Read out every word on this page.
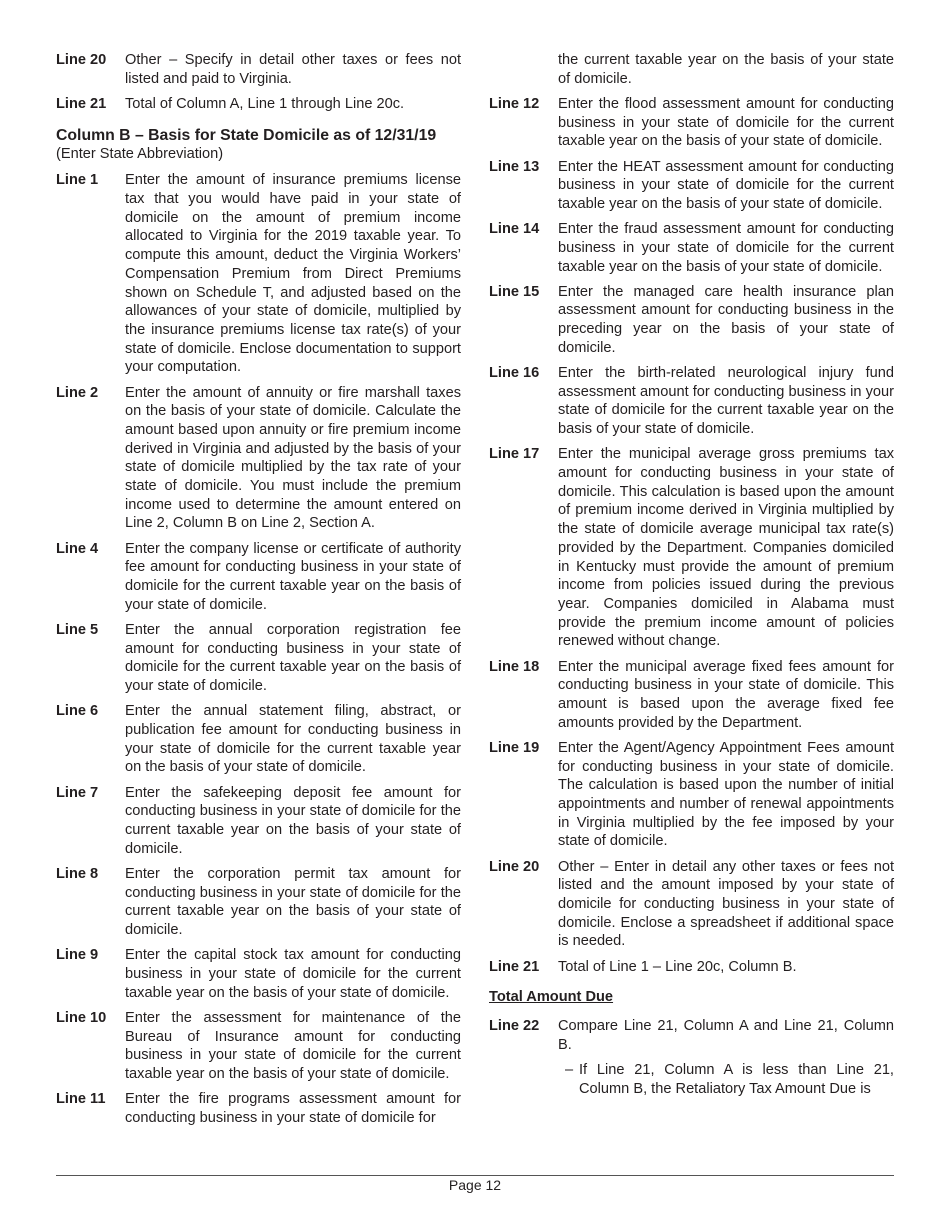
Line 20	Other – Specify in detail other taxes or fees not listed and paid to Virginia.
Line 21	Total of Column A, Line 1 through Line 20c.
Column B – Basis for State Domicile as of 12/31/19
(Enter State Abbreviation)
Line 1	Enter the amount of insurance premiums license tax that you would have paid in your state of domicile on the amount of premium income allocated to Virginia for the 2019 taxable year. To compute this amount, deduct the Virginia Workers’ Compensation Premium from Direct Premiums shown on Schedule T, and adjusted based on the allowances of your state of domicile, multiplied by the insurance premiums license tax rate(s) of your state of domicile. Enclose documentation to support your computation.
Line 2	Enter the amount of annuity or fire marshall taxes on the basis of your state of domicile. Calculate the amount based upon annuity or fire premium income derived in Virginia and adjusted by the basis of your state of domicile multiplied by the tax rate of your state of domicile. You must include the premium income used to determine the amount entered on Line 2, Column B on Line 2, Section A.
Line 4	Enter the company license or certificate of authority fee amount for conducting business in your state of domicile for the current taxable year on the basis of your state of domicile.
Line 5	Enter the annual corporation registration fee amount for conducting business in your state of domicile for the current taxable year on the basis of your state of domicile.
Line 6	Enter the annual statement filing, abstract, or publication fee amount for conducting business in your state of domicile for the current taxable year on the basis of your state of domicile.
Line 7	Enter the safekeeping deposit fee amount for conducting business in your state of domicile for the current taxable year on the basis of your state of domicile.
Line 8	Enter the corporation permit tax amount for conducting business in your state of domicile for the current taxable year on the basis of your state of domicile.
Line 9	Enter the capital stock tax amount for conducting business in your state of domicile for the current taxable year on the basis of your state of domicile.
Line 10	Enter the assessment for maintenance of the Bureau of Insurance amount for conducting business in your state of domicile for the current taxable year on the basis of your state of domicile.
Line 11	Enter the fire programs assessment amount for conducting business in your state of domicile for
the current taxable year on the basis of your state of domicile.
Line 12	Enter the flood assessment amount for conducting business in your state of domicile for the current taxable year on the basis of your state of domicile.
Line 13	Enter the HEAT assessment amount for conducting business in your state of domicile for the current taxable year on the basis of your state of domicile.
Line 14	Enter the fraud assessment amount for conducting business in your state of domicile for the current taxable year on the basis of your state of domicile.
Line 15	Enter the managed care health insurance plan assessment amount for conducting business in the preceding year on the basis of your state of domicile.
Line 16	Enter the birth-related neurological injury fund assessment amount for conducting business in your state of domicile for the current taxable year on the basis of your state of domicile.
Line 17	Enter the municipal average gross premiums tax amount for conducting business in your state of domicile. This calculation is based upon the amount of premium income derived in Virginia multiplied by the state of domicile average municipal tax rate(s) provided by the Department. Companies domiciled in Kentucky must provide the amount of premium income from policies issued during the previous year. Companies domiciled in Alabama must provide the premium income amount of policies renewed without change.
Line 18	Enter the municipal average fixed fees amount for conducting business in your state of domicile. This amount is based upon the average fixed fee amounts provided by the Department.
Line 19	Enter the Agent/Agency Appointment Fees amount for conducting business in your state of domicile. The calculation is based upon the number of initial appointments and number of renewal appointments in Virginia multiplied by the fee imposed by your state of domicile.
Line 20	Other – Enter in detail any other taxes or fees not listed and the amount imposed by your state of domicile for conducting business in your state of domicile. Enclose a spreadsheet if additional space is needed.
Line 21	Total of Line 1 – Line 20c, Column B.
Total Amount Due
Line 22	Compare Line 21, Column A and Line 21, Column B.
– If Line 21, Column A is less than Line 21, Column B, the Retaliatory Tax Amount Due is
Page 12
